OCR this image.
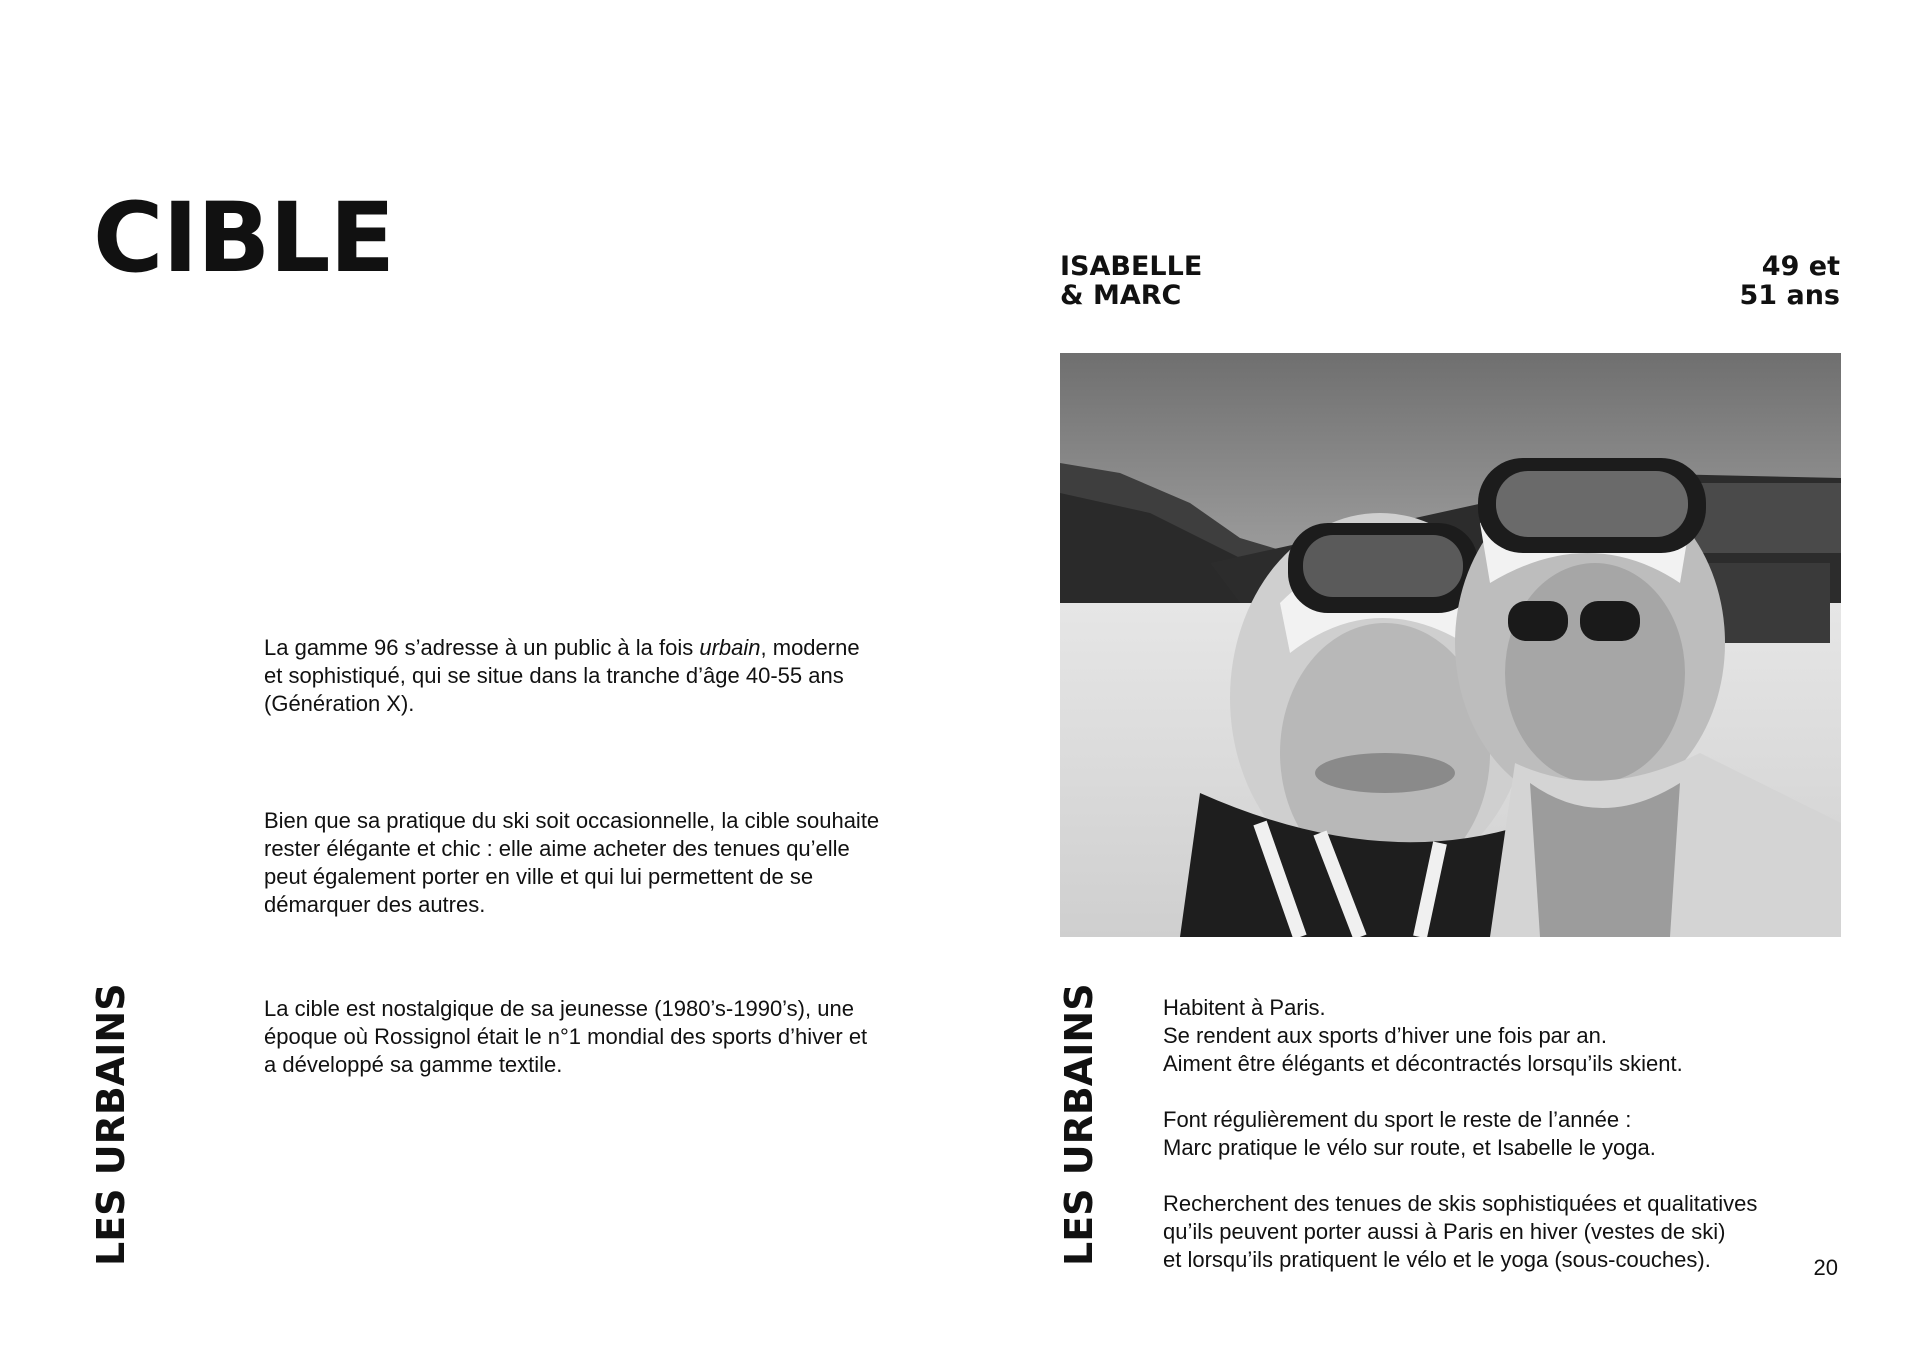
CIBLE

La gamme 96 s’adresse à un public à la fois urbain, moderne et sophistiqué, qui se situe dans la tranche d’âge 40-55 ans (Génération X).

Bien que sa pratique du ski soit occasionnelle, la cible souhaite rester élégante et chic : elle aime acheter des tenues qu’elle peut également porter en ville et qui lui permettent de se démarquer des autres.

La cible est nostalgique de sa jeunesse (1980’s-1990’s), une époque où Rossignol était le n°1 mondial des sports d’hiver et a développé sa gamme textile.

LES URBAINS
ISABELLE
& MARC
49 et
51 ans
LES URBAINS	Habitent à Paris.
Se rendent aux sports d’hiver une fois par an.
Aiment être élégants et décontractés lorsqu’ils skient.
Font régulièrement du sport le reste de l’année :
Marc pratique le vélo sur route, et Isabelle le yoga.
Recherchent des tenues de skis sophistiquées et qualitatives
qu’ils peuvent porter aussi à Paris en hiver (vestes de ski)
et lorsqu’ils pratiquent le vélo et le yoga (sous-couches).	20
